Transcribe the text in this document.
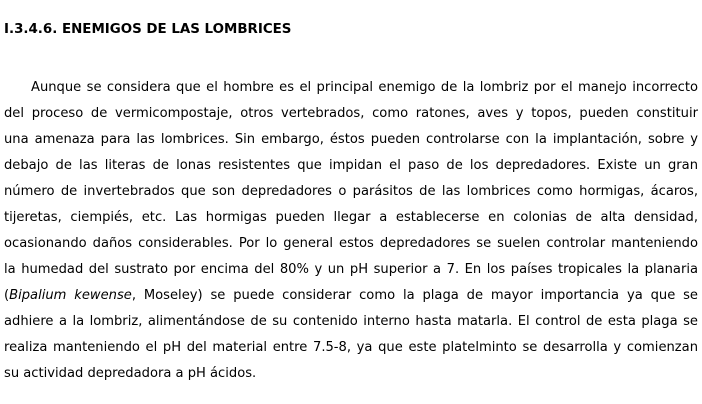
I.3.4.6. ENEMIGOS DE LAS LOMBRICES
Aunque se considera que el hombre es el principal enemigo de la lombriz por el manejo incorrecto
del proceso de vermicompostaje, otros vertebrados, como ratones, aves y topos, pueden constituir
una amenaza para las lombrices. Sin embargo, éstos pueden controlarse con la implantación, sobre y
debajo de las literas de lonas resistentes que impidan el paso de los depredadores. Existe un gran
número de invertebrados que son depredadores o parásitos de las lombrices como hormigas, ácaros,
tijeretas, ciempiés, etc. Las hormigas pueden llegar a establecerse en colonias de alta densidad,
ocasionando daños considerables. Por lo general estos depredadores se suelen controlar manteniendo
la humedad del sustrato por encima del 80% y un pH superior a 7. En los países tropicales la planaria
(Bipalium kewense, Moseley) se puede considerar como la plaga de mayor importancia ya que se
adhiere a la lombriz, alimentándose de su contenido interno hasta matarla. El control de esta plaga se
realiza manteniendo el pH del material entre 7.5-8, ya que este platelminto se desarrolla y comienzan
su actividad depredadora a pH ácidos.
